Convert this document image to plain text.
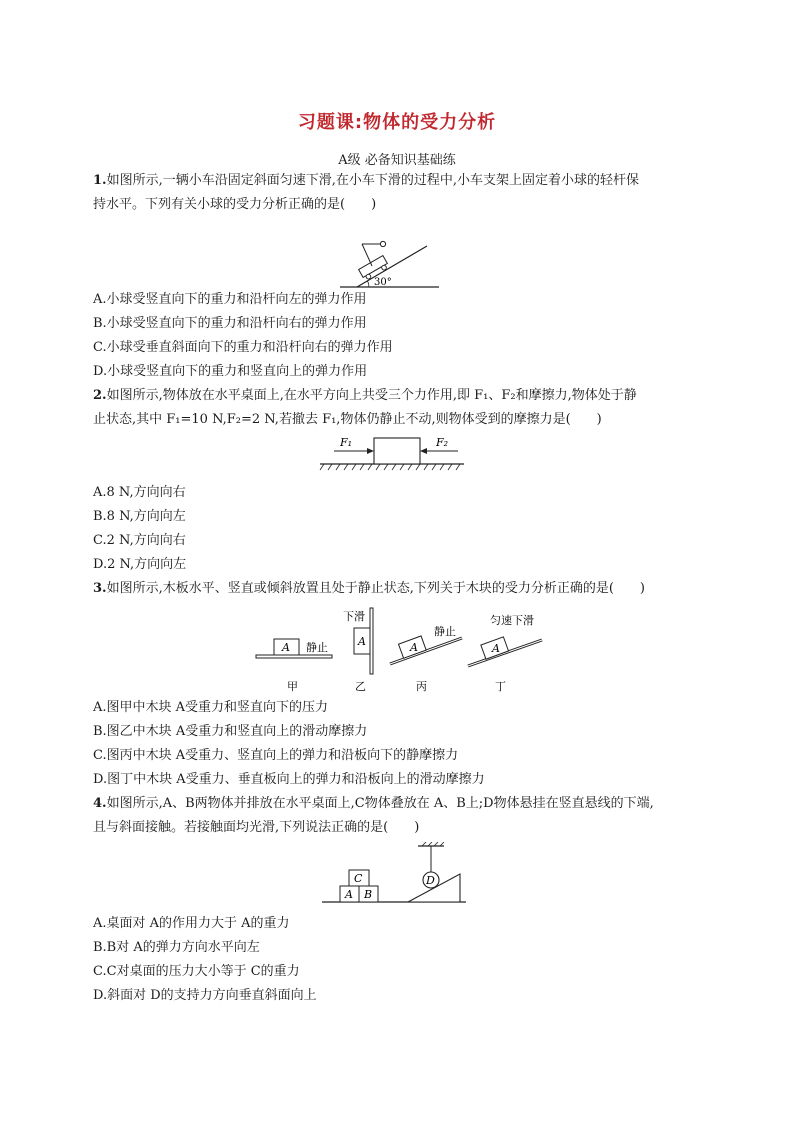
习题课:物体的受力分析
A级 必备知识基础练
1.如图所示,一辆小车沿固定斜面匀速下滑,在小车下滑的过程中,小车支架上固定着小球的轻杆保
持水平。下列有关小球的受力分析正确的是(　　)
30°
A.小球受竖直向下的重力和沿杆向左的弹力作用
B.小球受竖直向下的重力和沿杆向右的弹力作用
C.小球受垂直斜面向下的重力和沿杆向右的弹力作用
D.小球受竖直向下的重力和竖直向上的弹力作用
2.如图所示,物体放在水平桌面上,在水平方向上共受三个力作用,即 F₁、F₂和摩擦力,物体处于静
止状态,其中 F₁=10 N,F₂=2 N,若撤去 F₁,物体仍静止不动,则物体受到的摩擦力是(　　)
F₁	F₂
A.8 N,方向向右
B.8 N,方向向左
C.2 N,方向向右
D.2 N,方向向左
3.如图所示,木板水平、竖直或倾斜放置且处于静止状态,下列关于木块的受力分析正确的是(　　)
A 静止	A
下滑
A
静止
A
匀速下滑
甲	乙	丙	丁
A.图甲中木块 A受重力和竖直向下的压力
B.图乙中木块 A受重力和竖直向上的滑动摩擦力
C.图丙中木块 A受重力、竖直向上的弹力和沿板向下的静摩擦力
D.图丁中木块 A受重力、垂直板向上的弹力和沿板向上的滑动摩擦力
4.如图所示,A、B两物体并排放在水平桌面上,C物体叠放在 A、B上;D物体悬挂在竖直悬线的下端,
且与斜面接触。若接触面均光滑,下列说法正确的是(　　)
D
A B
C
A.桌面对 A的作用力大于 A的重力
B.B对 A的弹力方向水平向左
C.C对桌面的压力大小等于 C的重力
D.斜面对 D的支持力方向垂直斜面向上
